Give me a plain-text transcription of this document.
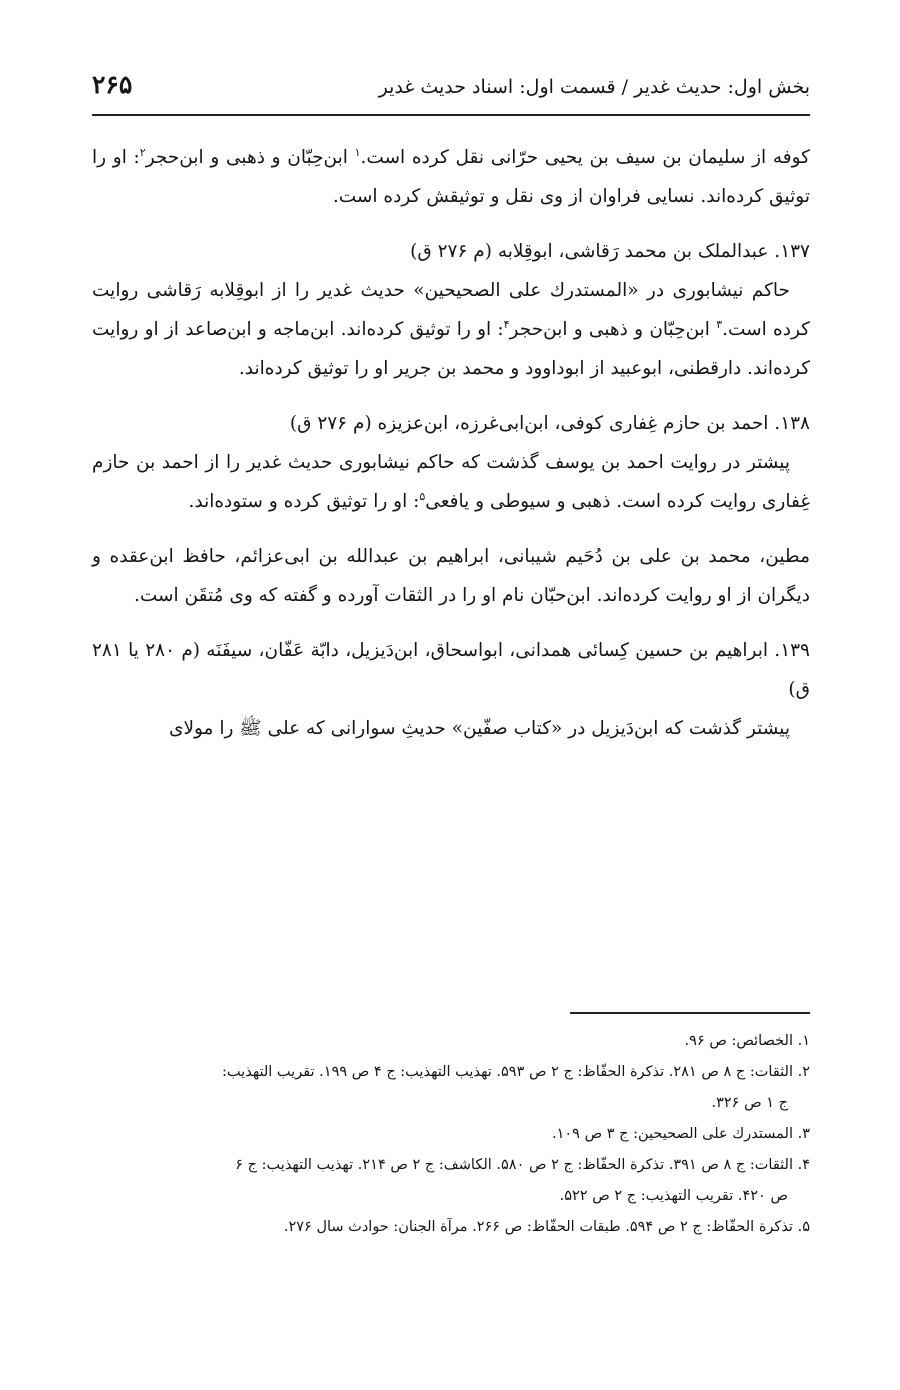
بخش اول: حدیث غدیر / قسمت اول: اسناد حدیث غدیر
۲۶۵

کوفه از سلیمان بن سیف بن یحیی حرّانی نقل کرده است.$^۱$ ابن‌حِبّان و ذهبی و ابن‌حجر$^۲$: او را توثیق کرده‌اند. نسایی فراوان از وی نقل و توثیقش کرده است.

۱۳۷. عبدالملک بن محمد رَقاشی، ابوقِلابه (م ۲۷۶ ق)

حاکم نیشابوری در «المستدرك علی الصحیحین» حدیث غدیر را از ابوقِلابه رَقاشی روایت کرده است.$^۳$ ابن‌حِبّان و ذهبی و ابن‌حجر$^۴$: او را توثیق کرده‌اند. ابن‌ماجه و ابن‌صاعد از او روایت کرده‌اند. دارقطنی، ابوعبید از ابوداوود و محمد بن جریر او را توثیق کرده‌اند.

۱۳۸. احمد بن حازم غِفاری کوفی، ابن‌ابی‌غرزه، ابن‌عزیزه (م ۲۷۶ ق)

پیشتر در روایت احمد بن یوسف گذشت که حاکم نیشابوری حدیث غدیر را از احمد بن حازم غِفاری روایت کرده است. ذهبی و سیوطی و یافعی$^۵$: او را توثیق کرده و ستوده‌اند.

مطین، محمد بن علی بن دُحَیم شیبانی، ابراهیم بن عبدالله بن ابی‌عزائم، حافظ ابن‌عقده و دیگران از او روایت کرده‌اند. ابن‌حبّان نام او را در الثقات آورده و گفته که وی مُتقَن است.

۱۳۹. ابراهیم بن حسین کِسائی همدانی، ابواسحاق، ابن‌دَیزیل، دابّة عَفّان، سیفَنَه (م ۲۸۰ یا ۲۸۱ ق)

پیشتر گذشت که ابن‌دَیزیل در «کتاب صفّین» حدیثِ سوارانی که علی ﷺ را مولای

۱. الخصائص: ص ۹۶.

۲. الثقات: ج ۸ ص ۲۸۱. تذکرة الحفّاظ: ج ۲ ص ۵۹۳. تهذیب التهذیب: ج ۴ ص ۱۹۹. تقریب التهذیب:

ج ۱ ص ۳۲۶.

۳. المستدرك علی الصحیحین: ج ۳ ص ۱۰۹.

۴. الثقات: ج ۸ ص ۳۹۱. تذکرة الحفّاظ: ج ۲ ص ۵۸۰. الکاشف: ج ۲ ص ۲۱۴. تهذیب التهذیب: ج ۶

ص ۴۲۰. تقریب التهذیب: ج ۲ ص ۵۲۲.

۵. تذکرة الحفّاظ: ج ۲ ص ۵۹۴. طبقات الحفّاظ: ص ۲۶۶. مرآة الجنان: حوادث سال ۲۷۶.
